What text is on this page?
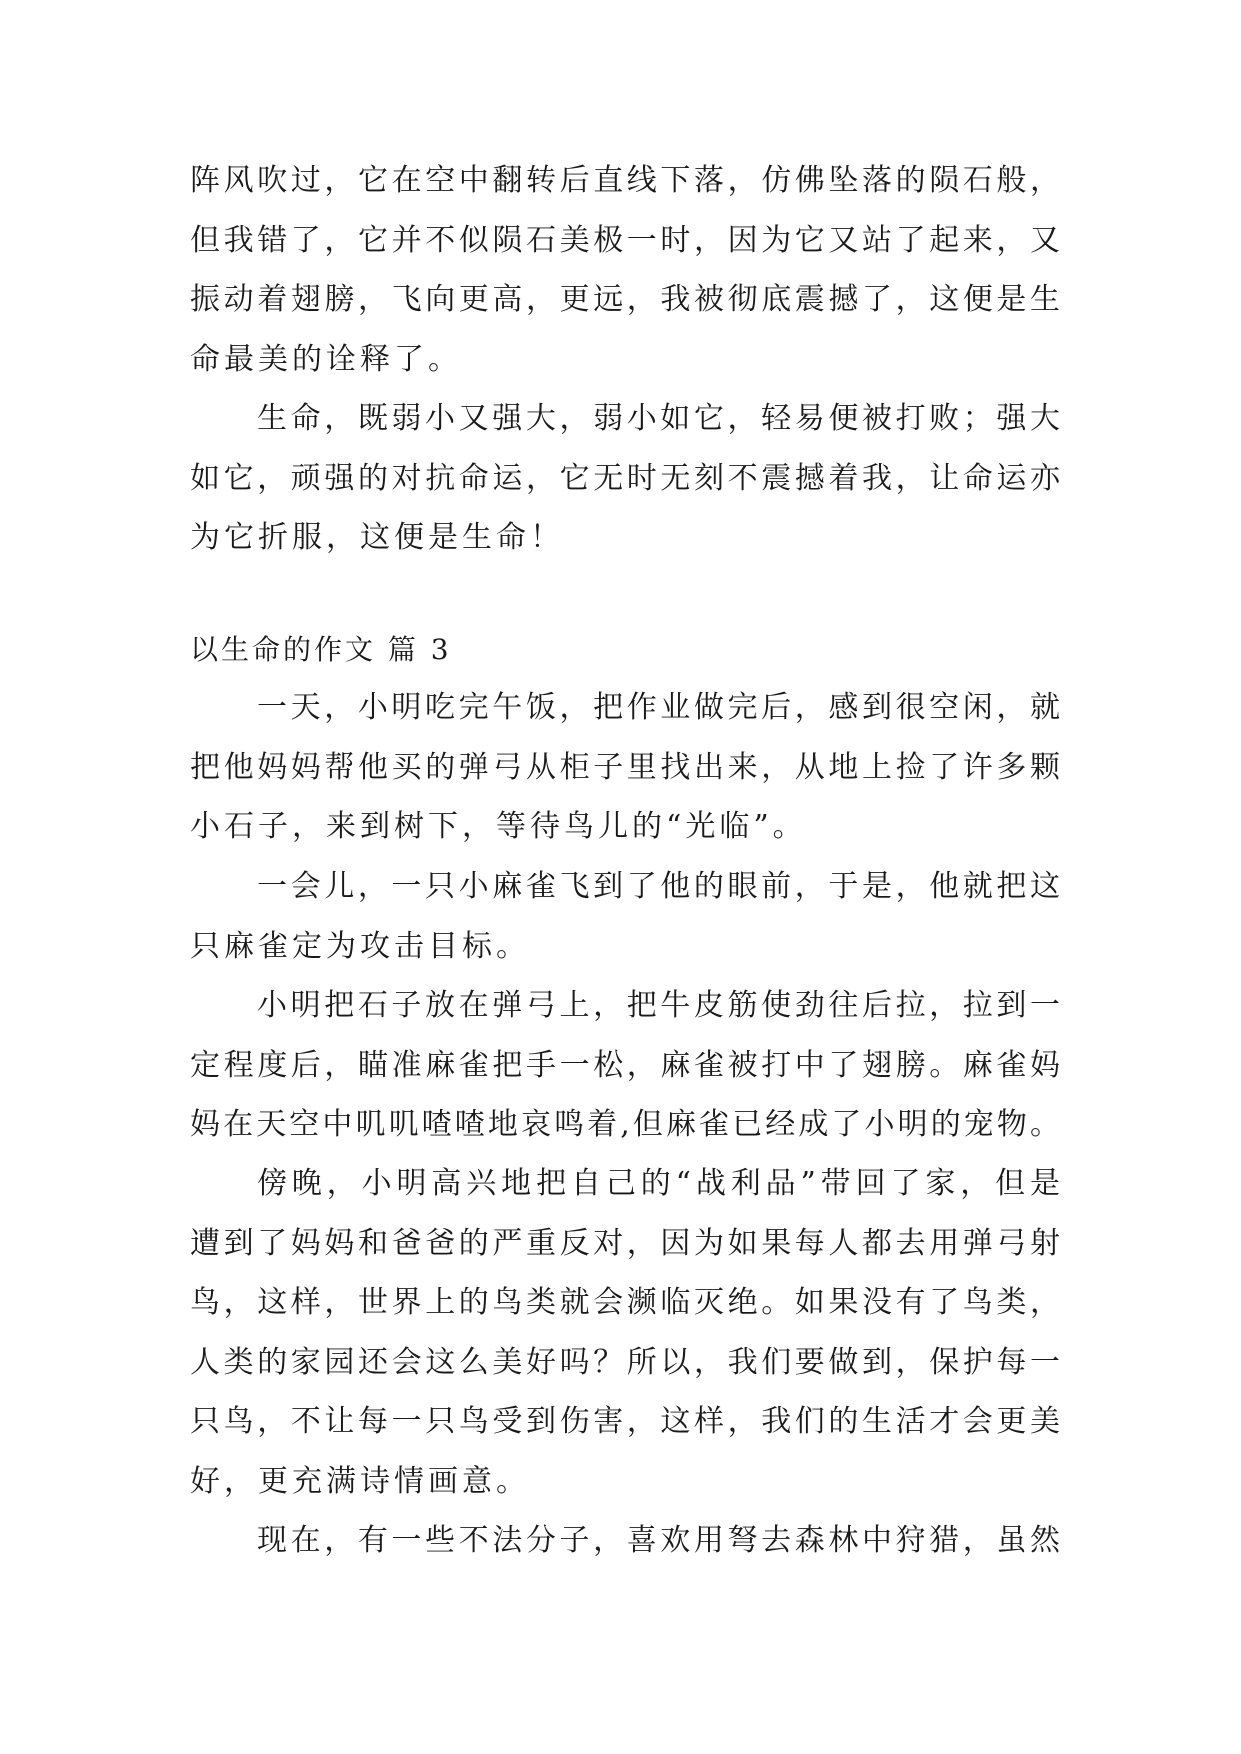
阵风吹过，它在空中翻转后直线下落，仿佛坠落的陨石般，
但我错了，它并不似陨石美极一时，因为它又站了起来，又
振动着翅膀，飞向更高，更远，我被彻底震撼了，这便是生
命最美的诠释了。
生命，既弱小又强大，弱小如它，轻易便被打败；强大
如它，顽强的对抗命运，它无时无刻不震撼着我，让命运亦
为它折服，这便是生命！
以生命的作文 篇 3
一天，小明吃完午饭，把作业做完后，感到很空闲，就
把他妈妈帮他买的弹弓从柜子里找出来，从地上捡了许多颗
小石子，来到树下，等待鸟儿的“光临”。
一会儿，一只小麻雀飞到了他的眼前，于是，他就把这
只麻雀定为攻击目标。
小明把石子放在弹弓上，把牛皮筋使劲往后拉，拉到一
定程度后，瞄准麻雀把手一松，麻雀被打中了翅膀。麻雀妈
妈在天空中叽叽喳喳地哀鸣着,但麻雀已经成了小明的宠物。
傍晚，小明高兴地把自己的“战利品”带回了家，但是
遭到了妈妈和爸爸的严重反对，因为如果每人都去用弹弓射
鸟，这样，世界上的鸟类就会濒临灭绝。如果没有了鸟类，
人类的家园还会这么美好吗？所以，我们要做到，保护每一
只鸟，不让每一只鸟受到伤害，这样，我们的生活才会更美
好，更充满诗情画意。
现在，有一些不法分子，喜欢用弩去森林中狩猎，虽然
